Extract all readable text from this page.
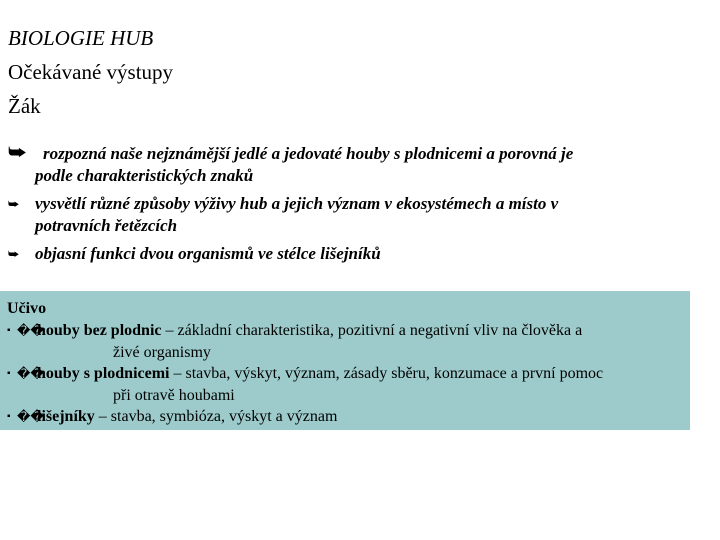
BIOLOGIE HUB
Očekávané výstupy
Žák
⮩ rozpozná naše nejznámější jedlé a jedovaté houby s plodnicemi a porovná je
podle charakteristických znaků
⮩ vysvětlí různé způsoby výživy hub a jejich význam v ekosystémech a místo v
potravních řetězcích
⮩ objasní funkci dvou organismů ve stélce lišejníků
Učivo
▪ ��houby bez plodnic – základní charakteristika, pozitivní a negativní vliv na člověka a
živé organismy
▪ ��houby s plodnicemi – stavba, výskyt, význam, zásady sběru, konzumace a první pomoc
při otravě houbami
▪ ��lišejníky – stavba, symbióza, výskyt a význam
